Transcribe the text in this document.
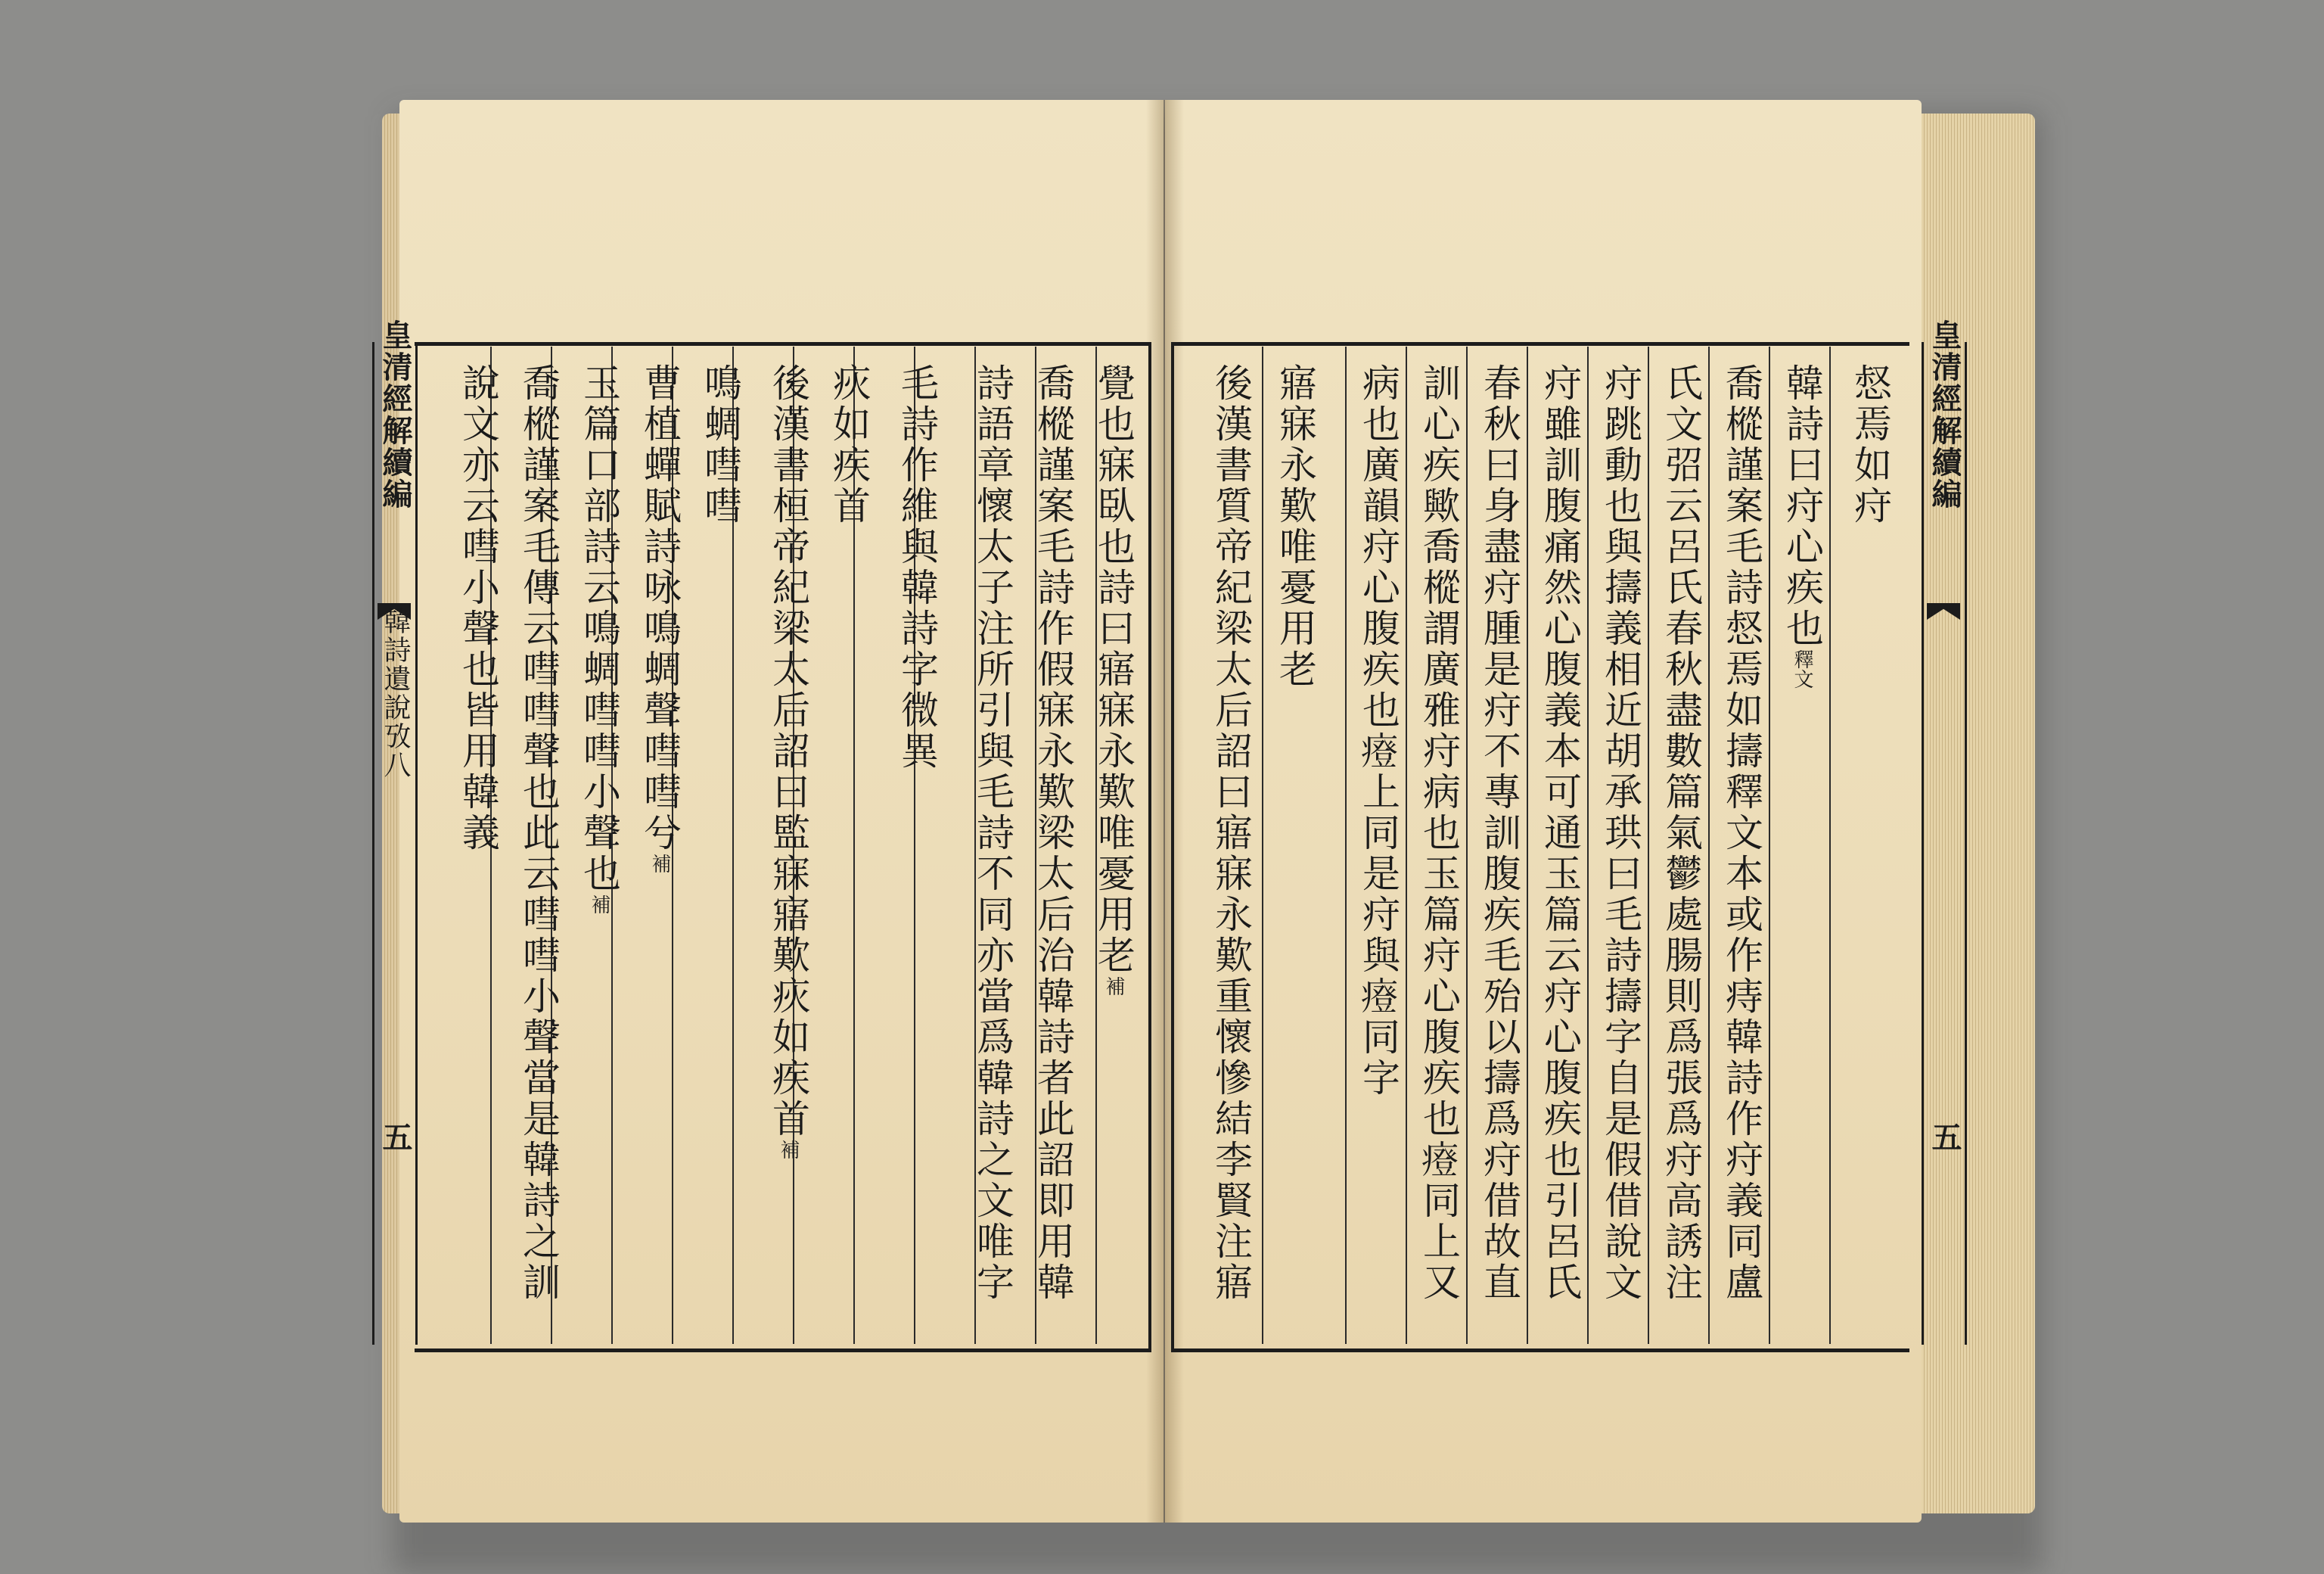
皇清經解續編
韓詩遺說攷八
五
覺也寐臥也詩曰寤寐永歎唯憂用老補
喬樅謹案毛詩作假寐永歎梁太后治韓詩者此詔即用韓
詩語章懷太子注所引與毛詩不同亦當爲韓詩之文唯字
毛詩作維與韓詩字微異
疢如疾首
後漢書桓帝紀梁太后詔曰監寐寤歎疢如疾首補
鳴蜩嘒嘒
曹植蟬賦詩咏鳴蜩聲嘒嘒兮補
玉篇口部詩云鳴蜩嘒嘒小聲也補
喬樅謹案毛傳云嘒嘒聲也此云嘒嘒小聲當是韓詩之訓
說文亦云嘒小聲也皆用韓義	皇清經解續編
五
惄焉如疛
韓詩曰疛心疾也釋文
喬樅謹案毛詩惄焉如擣釋文本或作痔韓詩作疛義同盧
氏文弨云呂氏春秋盡數篇氣鬱處腸則爲張爲疛高誘注
疛跳動也與擣義相近胡承珙曰毛詩擣字自是假借說文
疛雖訓腹痛然心腹義本可通玉篇云疛心腹疾也引呂氏
春秋曰身盡疛腫是疛不專訓腹疾毛殆以擣爲疛借故直
訓心疾歟喬樅謂廣雅疛病也玉篇疛心腹疾也𤺌同上又
病也廣韻疛心腹疾也𤺌上同是疛與𤺌同字
寤寐永歎唯憂用老
後漢書質帝紀梁太后詔曰寤寐永歎重懷慘結李賢注寤
